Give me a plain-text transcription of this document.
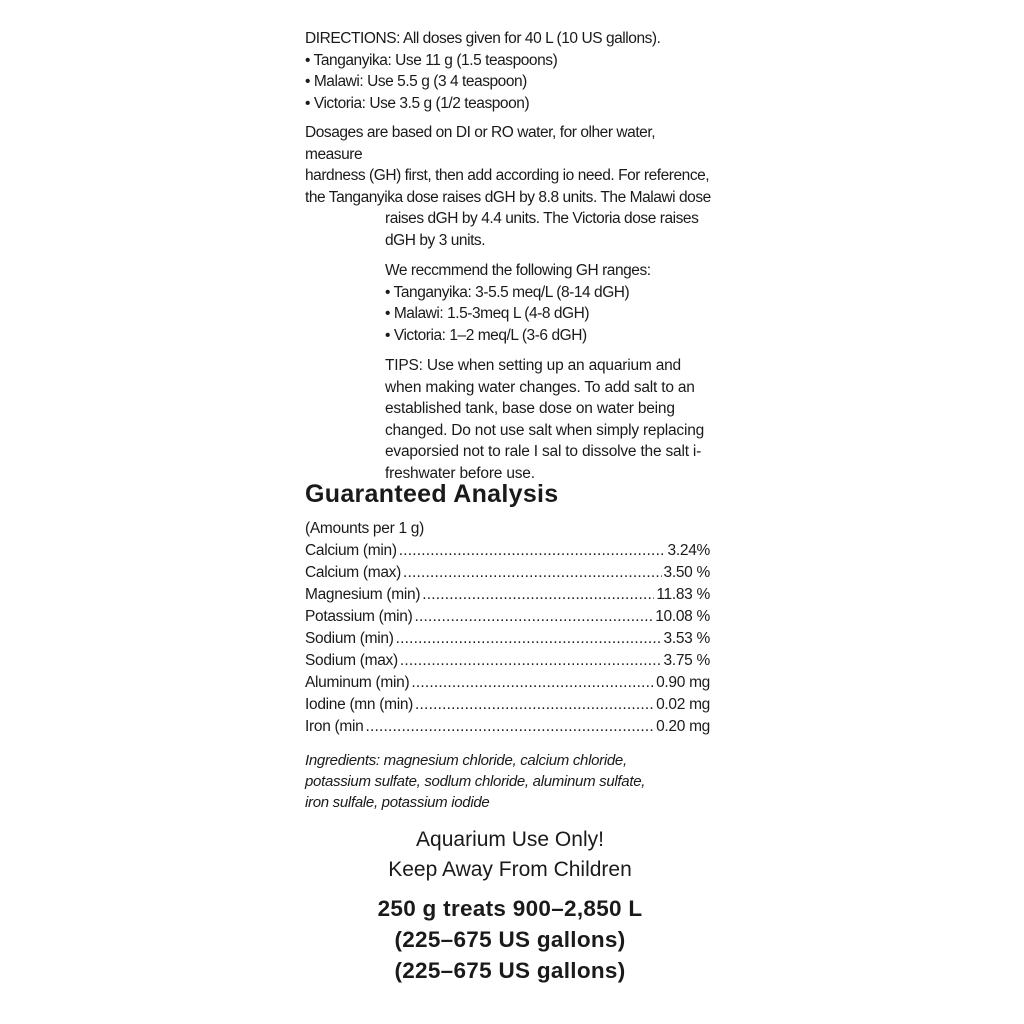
DIRECTIONS: All doses given for 40 L (10 US gallons).

• Tanganyika: Use 11 g (1.5 teaspoons)
• Malawi: Use 5.5 g (3 4 teaspoon)
• Victoria: Use 3.5 g (1/2 teaspoon)

Dosages are based on DI or RO water, for olher water, measure
hardness (GH) first, then add according io need. For reference,
the Tanganyika dose raises dGH by 8.8 units. The Malawi dose

raises dGH by 4.4 units. The Victoria dose raises
dGH by 3 units.

We reccmmend the following GH ranges:

• Tanganyika: 3-5.5 meq/L (8-14 dGH)
• Malawi: 1.5-3meq L (4-8 dGH)
• Victoria: 1–2 meq/L (3-6 dGH)

TIPS: Use when setting up an aquarium and
when making water changes. To add salt to an
established tank, base dose on water being
changed. Do not use salt when simply replacing
evaporsied not to rale I sal to dissolve the salt i-
freshwater before use.

Guaranteed Analysis
(Amounts per 1 g)
Calcium (min) .....	3.24%
Calcium (max) .....	3.50 %
Magnesium (min) .....	11.83 %
Potassium (min) .....	10.08 %
Sodium (min) .....	3.53 %
Sodium (max) .....	3.75 %
Aluminum (min) .....	0.90 mg
Iodine (mn (min) .....	0.02 mg
Iron (min .....	0.20 mg

Ingredients: magnesium chloride, calcium chloride,
potassium sulfate, sodlum chloride, aluminum sulfate,
iron sulfale, potassium iodide

Aquarium Use Only!
Keep Away From Children

250 g treats 900–2,850 L
(225–675 US gallons)
(225–675 US gallons)
